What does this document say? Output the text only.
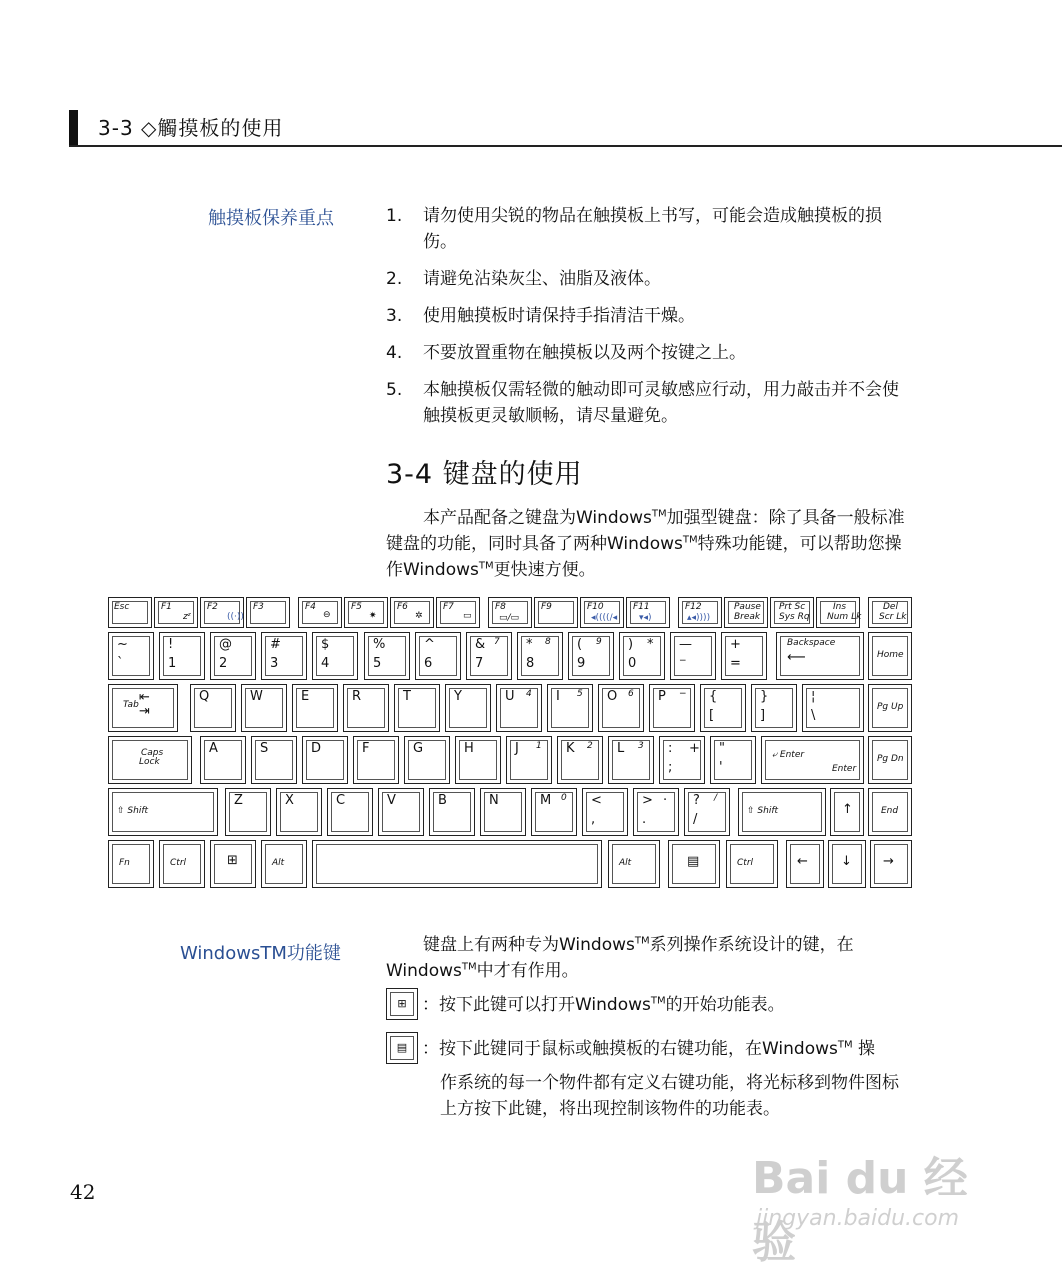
3-3 ◇觸摸板的使用
触摸板保养重点	1.	请勿使用尖锐的物品在触摸板上书写，可能会造成触摸板的损伤。
2.	请避免沾染灰尘、油脂及液体。
3.	使用触摸板时请保持手指清洁干燥。
4.	不要放置重物在触摸板以及两个按键之上。
5.	本触摸板仅需轻微的触动即可灵敏感应行动，用力敲击并不会使触摸板更灵敏顺畅，请尽量避免。
3-4 键盘的使用
本产品配备之键盘为Windows™加强型键盘：除了具备一般标准键盘的功能，同时具备了两种Windows™特殊功能键，可以帮助您操作Windows™更快速方便。
Esc	F1
zᶻ
F2
((·))
F3	F4
⊖
F5
✷
F6
✲
F7
▭
F8
▭/▭
F9	F10
◂((((/◂
F11
▾◂)
F12
▴◂))))
Pause
Break
Prt Sc
Sys Rq
Ins
Num Lk
Del
Scr Lk
~
`
!
1
@
2
#
3
$
4
%
5
^
6
& 7
7
* 8
8
( 9
9
) *
0
—
−
+
=
Backspace
⟵	Home
⇤
Tab ⇥
Q	W	E	R	T	Y	U 4 I 5 O 6 P − {
[
}
]
¦
\
Pg Up
Caps
Lock
A	S	D	F	G	H	J 1 K 2 L 3 : +
;
"
'
⤶ Enter
Enter
Pg Dn
⇧ Shift
Z	X	C	V	B	N	M 0 <
,
> ·
.
? /
/
⇧ Shift	↑	End
Fn	Ctrl	⊞	Alt	Alt	▤	Ctrl	←	↓ →
WindowsTM功能键	键盘上有两种专为Windows™系列操作系统设计的键，在Windows™中才有作用。
⊞ ：按下此键可以打开Windows™的开始功能表。
▤ ：按下此键同于鼠标或触摸板的右键功能，在Windows™ 操
作系统的每一个物件都有定义右键功能，将光标移到物件图标上方按下此键，将出现控制该物件的功能表。
42	Bai du 经验
jingyan.baidu.com
